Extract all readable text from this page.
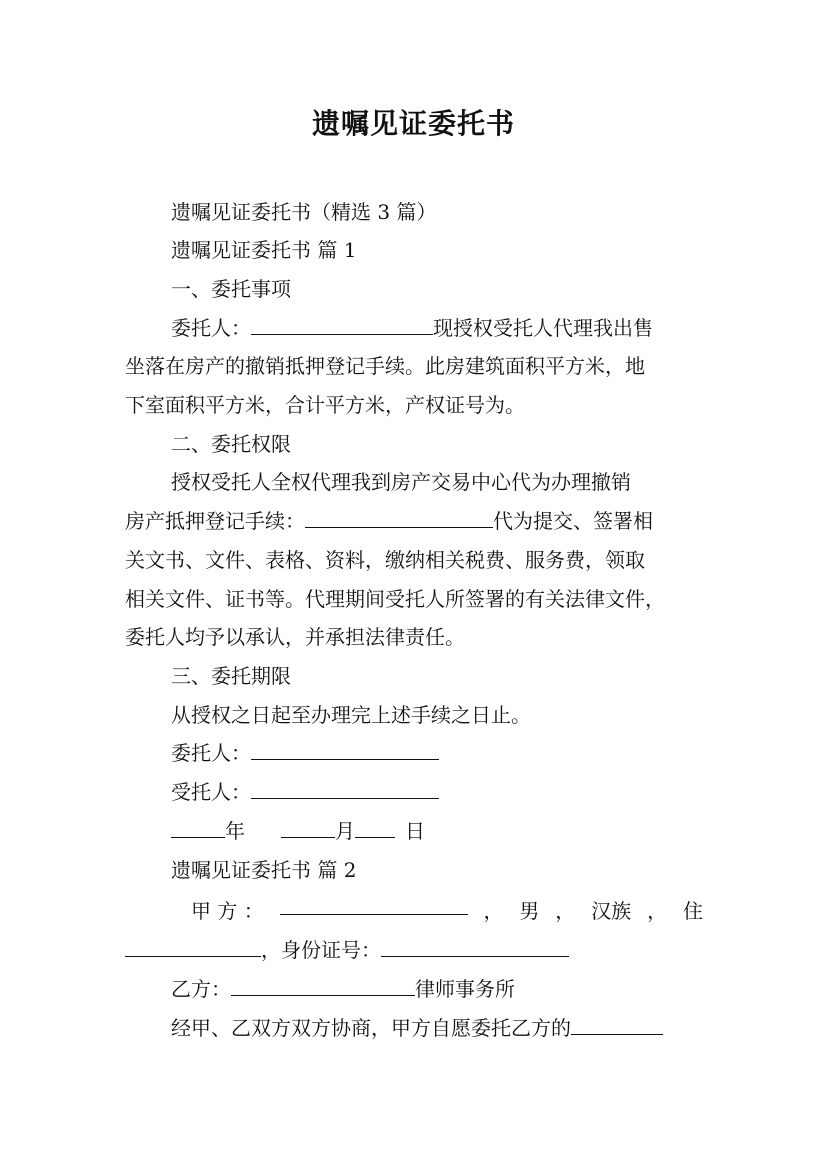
遗嘱见证委托书
遗嘱见证委托书（精选 3 篇）
遗嘱见证委托书 篇 1
一、委托事项
委托人：	现授权受托人代理我出售
坐落在房产的撤销抵押登记手续。此房建筑面积平方米，地
下室面积平方米，合计平方米，产权证号为。
二、委托权限
授权受托人全权代理我到房产交易中心代为办理撤销
房产抵押登记手续：	代为提交、签署相
关文书、文件、表格、资料，缴纳相关税费、服务费，领取
相关文件、证书等。代理期间受托人所签署的有关法律文件，
委托人均予以承认，并承担法律责任。
三、委托期限
从授权之日起至办理完上述手续之日止。
委托人：
受托人：
年	月	日
遗嘱见证委托书 篇 2
甲 方 ：	， 男 ， 汉族 ， 住
，身份证号：
乙方：	律师事务所
经甲、乙双方双方协商，甲方自愿委托乙方的
